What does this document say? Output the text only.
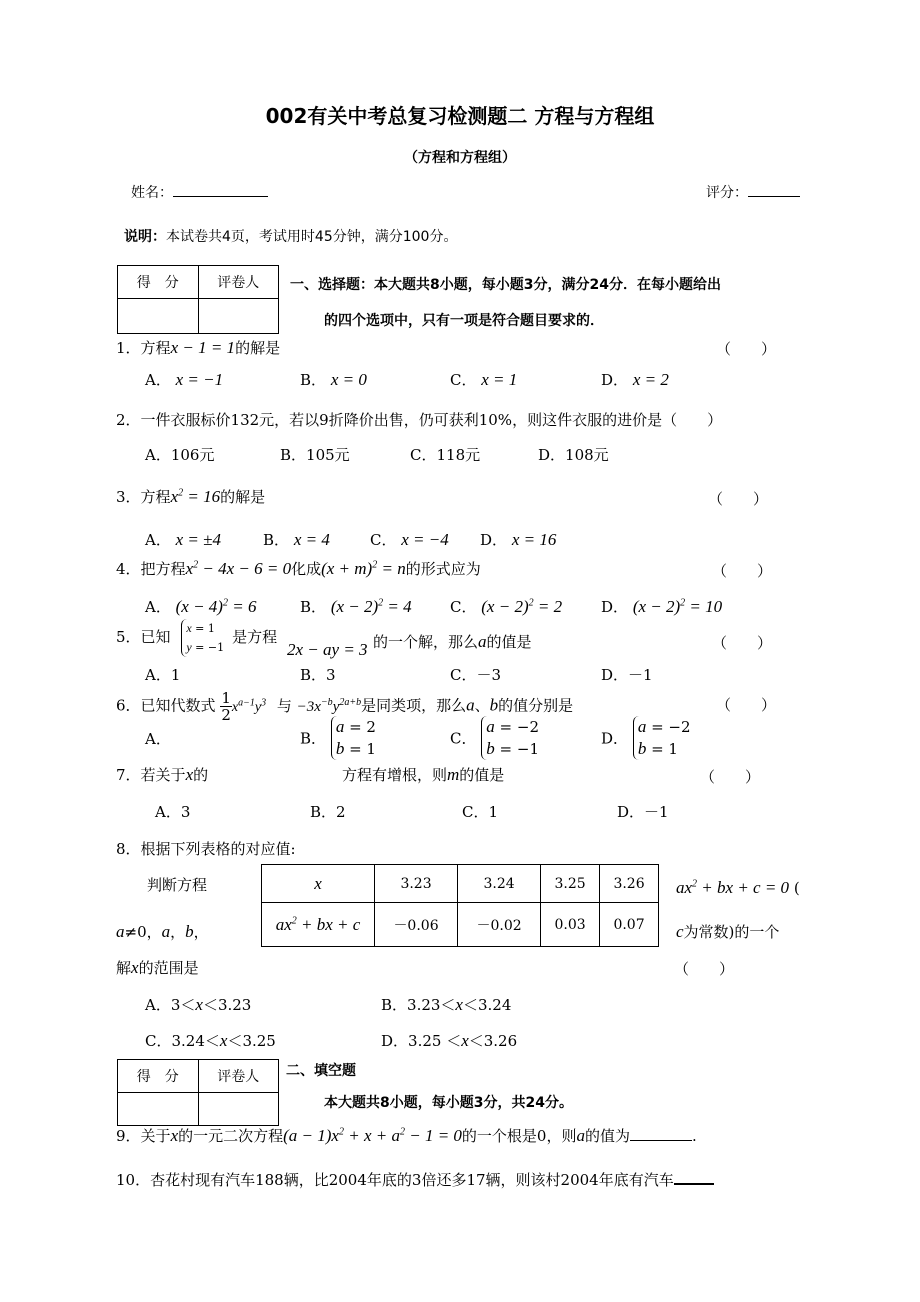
002有关中考总复习检测题二 方程与方程组
（方程和方程组）
姓名：	评分：
说明：本试卷共4页，考试用时45分钟，满分100分。
得　分	评卷人
	一、选择题：本大题共8小题，每小题3分，满分24分．在每小题给出
的四个选项中，只有一项是符合题目要求的．
1．方程x − 1 = 1的解是	（　　）
A． x = −1	B． x = 0	C． x = 1	D． x = 2
2．一件衣服标价132元，若以9折降价出售，仍可获利10%，则这件衣服的进价是（　　）
A．106元	B．105元	C．118元	D．108元
3．方程$x^2 = 16$的解是	（　　）
A． x = ±4	B． x = 4	C． x = −4 D． x = 16
4．把方程$x^2 - 4x - 6 = 0$化成$(x + m)^2 = n$的形式应为	（　　）
A． $(x - 4)^2 = 6$	B． $(x - 2)^2 = 4$	C． $(x - 2)^2 = 2$	D． $(x - 2)^2 = 10$
5．已知 x = 1
y = −1是方程
2x − ay = 3 的一个解，那么a的值是	（　　）
A．1	B．3	C．－3	D．－1
6．已知代数式 $\frac{1}{2}x^{a-1}y^3$ 与 $-3x^{-b}y^{2a+b}$是同类项，那么a、b的值分别是	（　　）
A．	B． a = 2
b = 1
C． a = −2
b = −1
D． a = −2
b = 1
7．若关于x的	方程有增根，则m的值是	（　　）
A．3	B．2	C．1	D．－1
8．根据下列表格的对应值:
判断方程	x	3.23	3.24	3.25	3.26
$ax^2$ + bx + c	－0.06	－0.02	0.03	0.07
$ax^2$ + bx + c = 0 (
a≠0，a，b，	c为常数)的一个
解x的范围是	（　　）
A．3＜x＜3.23	B．3.23＜x＜3.24
C．3.24＜x＜3.25	D．3.25 ＜x＜3.26
得　分	评卷人
	二、填空题
本大题共8小题，每小题3分，共24分。
9．关于x的一元二次方程$(a - 1)x^2 + x + a^2 - 1 = 0$的一个根是0，则a的值为	.
10．杏花村现有汽车188辆，比2004年底的3倍还多17辆，则该村2004年底有汽车
